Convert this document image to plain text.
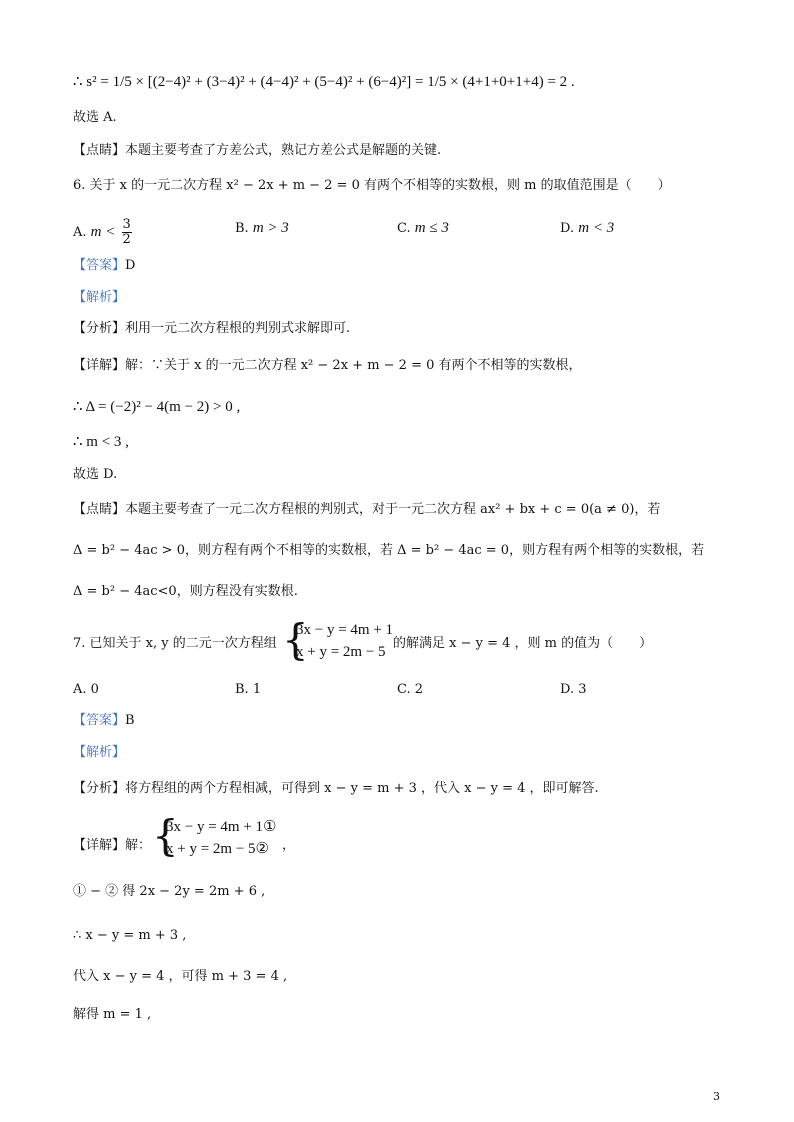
∴ s² = 1/5 × [(2−4)² + (3−4)² + (4−4)² + (5−4)² + (6−4)²] = 1/5 × (4+1+0+1+4) = 2 .
故选 A.
【点睛】本题主要考查了方差公式，熟记方差公式是解题的关键.
6. 关于 x 的一元二次方程 x² − 2x + m − 2 = 0 有两个不相等的实数根，则 m 的取值范围是（　　）
A. $m < \frac{3}{2}$	B. m > 3	C. m ≤ 3	D. m < 3
【答案】D
【解析】
【分析】利用一元二次方程根的判别式求解即可.
【详解】解：∵关于 x 的一元二次方程 x² − 2x + m − 2 = 0 有两个不相等的实数根，
∴ Δ = (−2)² − 4(m − 2) > 0 ,
∴ m < 3 ,
故选 D.
【点睛】本题主要考查了一元二次方程根的判别式，对于一元二次方程 ax² + bx + c = 0(a ≠ 0)，若
Δ = b² − 4ac > 0，则方程有两个不相等的实数根，若 Δ = b² − 4ac = 0，则方程有两个相等的实数根，若
Δ = b² − 4ac<0，则方程没有实数根.
7. 已知关于 x, y 的二元一次方程组 {
3x − y = 4m + 1
x + y = 2m − 5
的解满足 x − y = 4 ，则 m 的值为（　　）
A. 0	B. 1	C. 2	D. 3
【答案】B
【解析】
【分析】将方程组的两个方程相减，可得到 x − y = m + 3 ，代入 x − y = 4 ，即可解答.
【详解】解： {
3x − y = 4m + 1①
x + y = 2m − 5②	，
① − ② 得 2x − 2y = 2m + 6 ,
∴ x − y = m + 3 ,
代入 x − y = 4 ，可得 m + 3 = 4 ,
解得 m = 1 ,
3
